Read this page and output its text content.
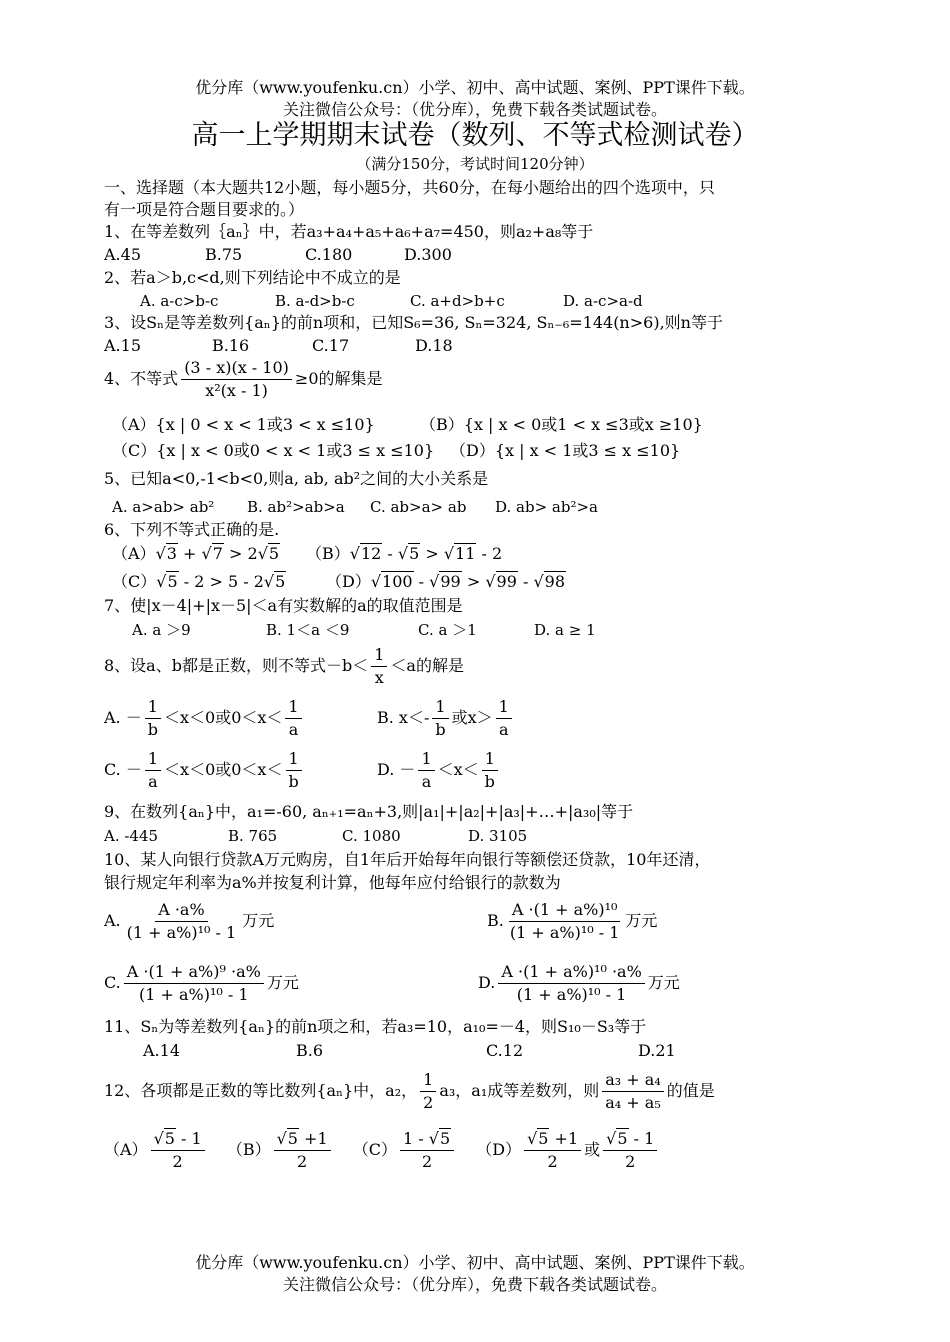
优分库（www.youfenku.cn）小学、初中、高中试题、案例、PPT课件下载。
关注微信公众号：（优分库），免费下载各类试题试卷。
高一上学期期末试卷（数列、不等式检测试卷）
（满分150分，考试时间120分钟）
一、选择题（本大题共12小题，每小题5分，共60分，在每小题给出的四个选项中，只
有一项是符合题目要求的。）
1、在等差数列｛aₙ｝中，若a₃+a₄+a₅+a₆+a₇=450，则a₂+a₈等于
A.45	B.75	C.180	D.300
2、若a＞b,c<d,则下列结论中不成立的是
A. a-c>b-c	B. a-d>b-c	C. a+d>b+c	D. a-c>a-d
3、设Sₙ是等差数列{aₙ}的前n项和，已知S₆=36, Sₙ=324, Sₙ₋₆=144(n>6),则n等于
A.15	B.16	C.17	D.18
4、不等式 $\frac{(3 - x)(x - 10)}{\text{x²(x - 1)}} \ge 0$的解集是
（A）{x | 0 < x < 1或3 < x ≤10}	（B）{x | x < 0或1 < x ≤3或x ≥10}
（C）{x | x < 0或0 < x < 1或3 ≤ x ≤10} （D）{x | x < 1或3 ≤ x ≤10}
5、已知a<0,-1<b<0,则a, ab, ab²之间的大小关系是
A. a>ab> ab² B. ab²>ab>a C. ab>a> ab D. ab> ab²>a
6、下列不等式正确的是.
（A）√3 + √7 > 2√5 （B）√12 - √5 > √11 - 2
（C）√5 - 2 > 5 - 2√5	（D）√100 - √99 > √99 - √98
7、使|x－4|+|x－5|＜a有实数解的a的取值范围是
A. a ＞9	B. 1＜a ＜9	C. a ＞1	D. a ≥ 1
8、设a、b都是正数，则不等式$-b< \frac{1}{x} <a$的解是
A. － $\frac{1}{b} <x<0$或$0<x< \frac{1}{a}$	B. $x<- \frac{1}{b}$ 或$x> \frac{1}{a}$
C. － $\frac{1}{a} <x<0$或$0<x< \frac{1}{b}$	D. － $\frac{1}{a} <x< \frac{1}{b}$
9、在数列{aₙ}中，a₁=-60, aₙ₊₁=aₙ+3,则|a₁|+|a₂|+|a₃|+…+|a₃₀|等于
A. -445	B. 765	C. 1080	D. 3105
10、某人向银行贷款A万元购房，自1年后开始每年向银行等额偿还贷款，10年还清，
银行规定年利率为a%并按复利计算，他每年应付给银行的款数为
A. $\frac{A \cdot a\%}{\text{(1 + a\%)¹⁰ - 1}}$ 万元	B. $\frac{\text{A ·(1 + a\%)¹⁰}}{\text{(1 + a\%)¹⁰ - 1}}$ 万元
C. $\frac{\text{A ·(1 + a\%)⁹ ·a\%}}{\text{(1 + a\%)¹⁰ - 1}}$ 万元	D. $\frac{\text{A ·(1 + a\%)¹⁰ ·a\%}}{\text{(1 + a\%)¹⁰ - 1}}$ 万元
11、Sₙ为等差数列{aₙ}的前n项之和，若a₃=10，a₁₀=－4，则S₁₀－S₃等于
A.14	B.6	C.12	D.21
12、各项都是正数的等比数列{aₙ}中，a₂， $\frac{1}{2} a_3$，a₁成等差数列，则 $\frac{\text{a₃ + a₄}}{\text{a₄ + a₅}}$ 的值是
$(A) \frac{√5 - 1}{2} (B) \frac{√5 +1}{2} (C) \frac{1 - √5}{2} (D) \frac{√5 +1}{2}$ 或 $\frac{√5 - 1}{2}$
优分库（www.youfenku.cn）小学、初中、高中试题、案例、PPT课件下载。
关注微信公众号：（优分库），免费下载各类试题试卷。
